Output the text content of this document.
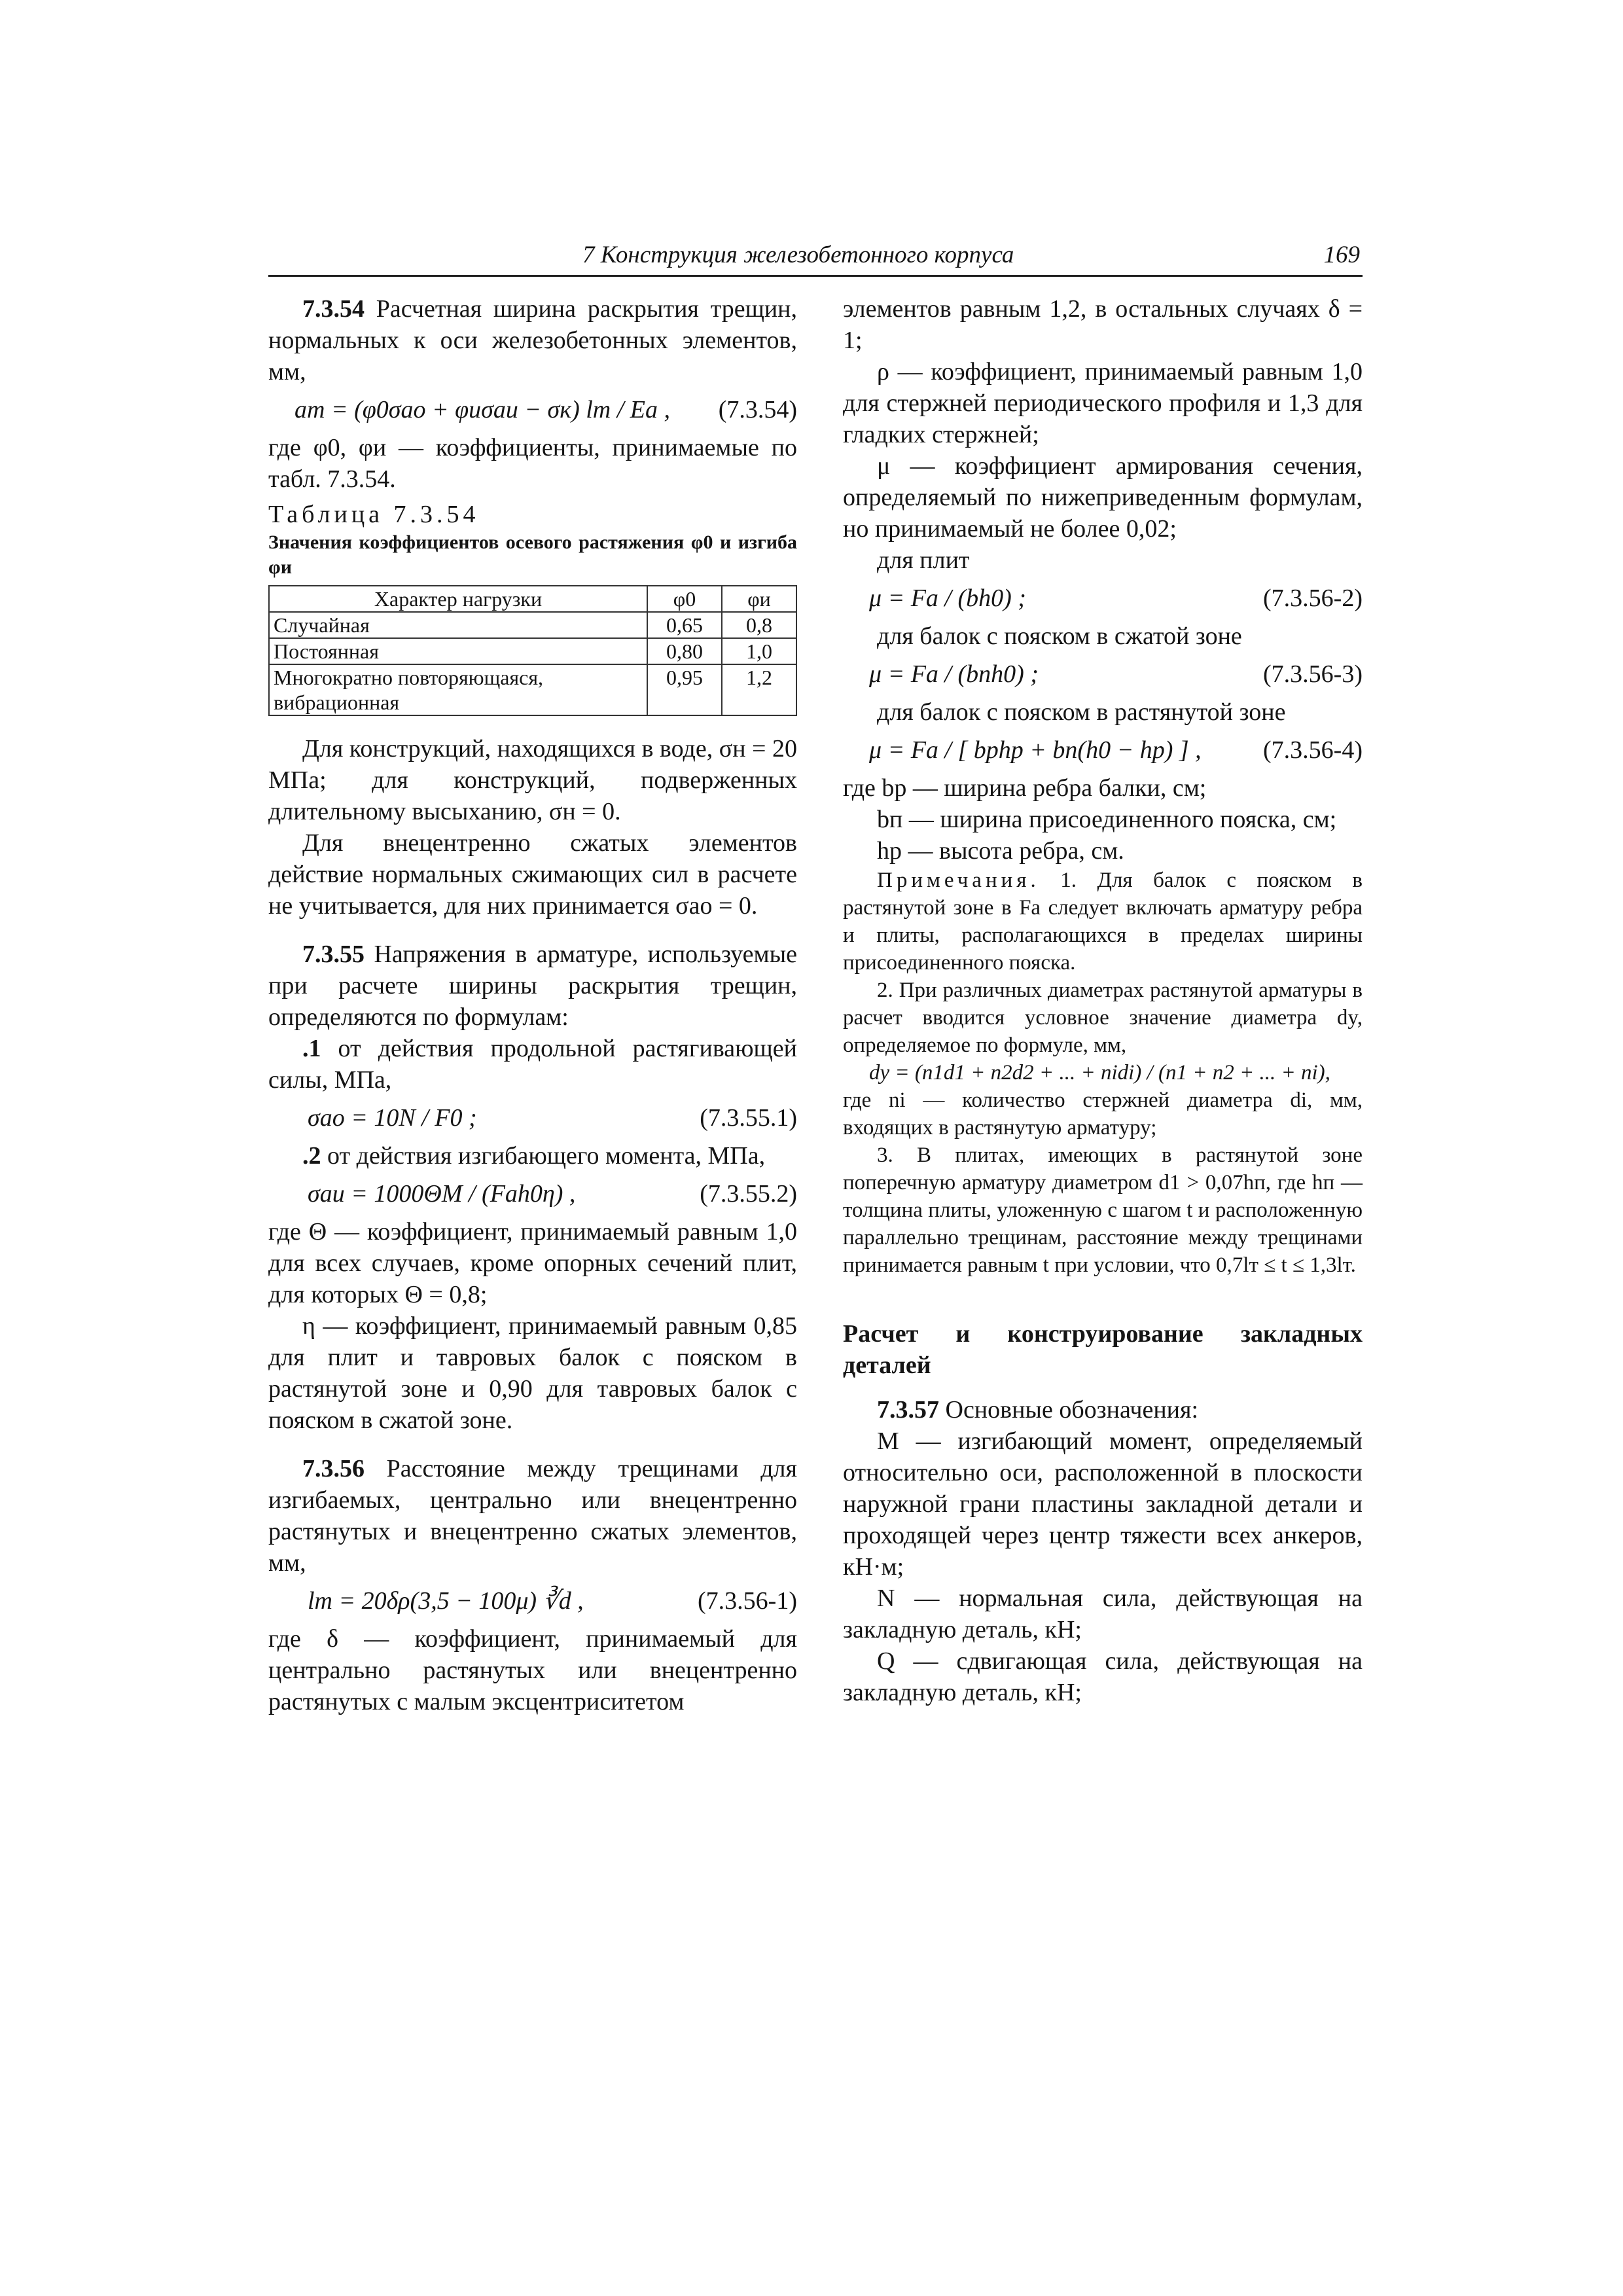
7 Конструкция железобетонного корпуса	169

7.3.54 Расчетная ширина раскрытия трещин, нормальных к оси железобетонных элементов, мм,

aт = (φ0σао + φиσаи − σк) lт / Eа , (7.3.54)

где φ0, φи — коэффициенты, принимаемые по табл. 7.3.54.

Таблица 7.3.54

Значения коэффициентов осевого растяжения φ0 и изгиба φи

Характер нагрузки	φ0	φи
Случайная	0,65	0,8
Постоянная	0,80	1,0
Многократно повторяющаяся, вибрационная	0,95	1,2

Для конструкций, находящихся в воде, σн = 20 МПа; для конструкций, подверженных длительному высыханию, σн = 0.

Для внецентренно сжатых элементов действие нормальных сжимающих сил в расчете не учитывается, для них принимается σао = 0.

7.3.55 Напряжения в арматуре, используемые при расчете ширины раскрытия трещин, определяются по формулам:

.1 от действия продольной растягивающей силы, МПа,

σао = 10N / F0 ;	(7.3.55.1)

.2 от действия изгибающего момента, МПа,

σаи = 1000ΘM / (Fah0η) ,	(7.3.55.2)

где Θ — коэффициент, принимаемый равным 1,0 для всех случаев, кроме опорных сечений плит, для которых Θ = 0,8;

η — коэффициент, принимаемый равным 0,85 для плит и тавровых балок с пояском в растянутой зоне и 0,90 для тавровых балок с пояском в сжатой зоне.

7.3.56 Расстояние между трещинами для изгибаемых, центрально или внецентренно растянутых и внецентренно сжатых элементов, мм,

lт = 20δρ(3,5 − 100μ) ∛d ,	(7.3.56-1)

где δ — коэффициент, принимаемый для центрально растянутых или внецентренно растянутых с малым эксцентриситетом

элементов равным 1,2, в остальных случаях δ = 1;

ρ — коэффициент, принимаемый равным 1,0 для стержней периодического профиля и 1,3 для гладких стержней;

μ — коэффициент армирования сечения, определяемый по нижеприведенным формулам, но принимаемый не более 0,02;

для плит

μ = Fa / (bh0) ;	(7.3.56-2)

для балок с пояском в сжатой зоне

μ = Fa / (bпh0) ;	(7.3.56-3)

для балок с пояском в растянутой зоне

μ = Fa / [ bphp + bп(h0 − hp) ] , (7.3.56-4)

где bр — ширина ребра балки, см;

bп — ширина присоединенного пояска, см;

hр — высота ребра, см.

Примечания. 1. Для балок с пояском в растянутой зоне в Fa следует включать арматуру ребра и плиты, располагающихся в пределах ширины присоединенного пояска.

2. При различных диаметрах растянутой арматуры в расчет вводится условное значение диаметра dy, определяемое по формуле, мм,

dy = (n1d1 + n2d2 + ... + nidi) / (n1 + n2 + ... + ni),

где ni — количество стержней диаметра di, мм, входящих в растянутую арматуру;

3. В плитах, имеющих в растянутой зоне поперечную арматуру диаметром d1 > 0,07hп, где hп — толщина плиты, уложенную с шагом t и расположенную параллельно трещинам, расстояние между трещинами принимается равным t при условии, что 0,7lт ≤ t ≤ 1,3lт.

Расчет и конструирование закладных деталей

7.3.57 Основные обозначения:

M — изгибающий момент, определяемый относительно оси, расположенной в плоскости наружной грани пластины закладной детали и проходящей через центр тяжести всех анкеров, кН·м;

N — нормальная сила, действующая на закладную деталь, кН;

Q — сдвигающая сила, действующая на закладную деталь, кН;
